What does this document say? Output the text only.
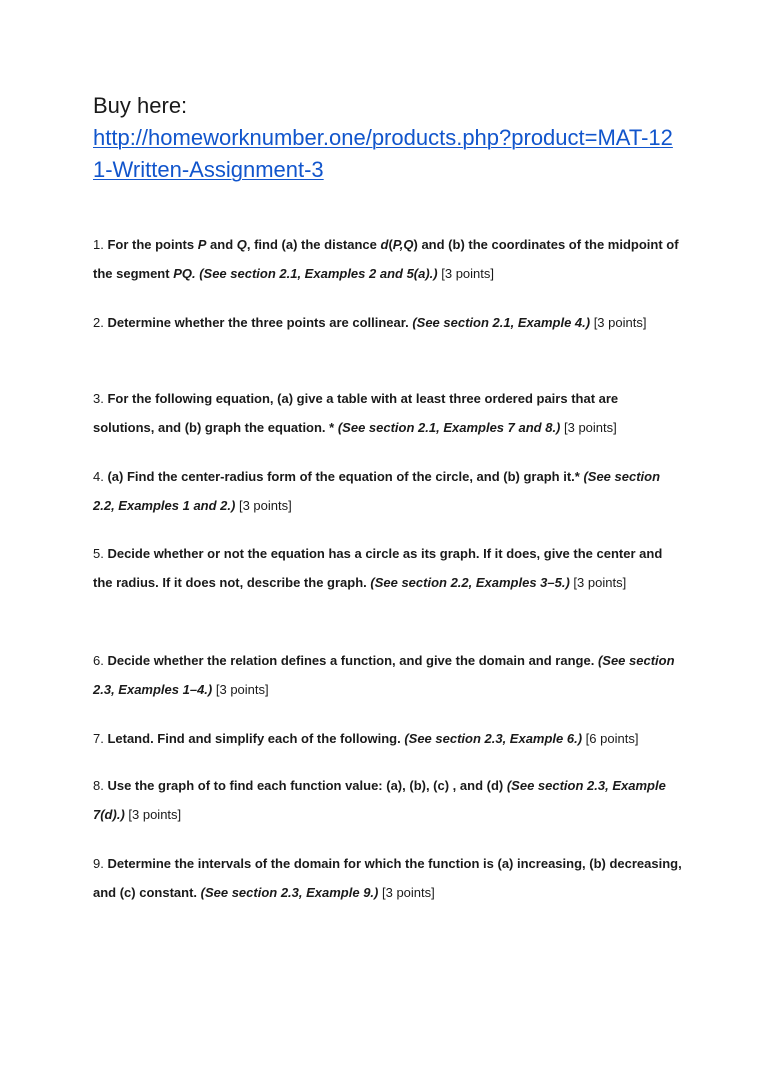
Buy here:
http://homeworknumber.one/products.php?product=MAT-121-Written-Assignment-3
1. For the points P and Q, find (a) the distance d(P,Q) and (b) the coordinates of the midpoint of the segment PQ. (See section 2.1, Examples 2 and 5(a).) [3 points]
2. Determine whether the three points are collinear. (See section 2.1, Example 4.) [3 points]
3. For the following equation, (a) give a table with at least three ordered pairs that are solutions, and (b) graph the equation. * (See section 2.1, Examples 7 and 8.) [3 points]
4. (a) Find the center-radius form of the equation of the circle, and (b) graph it.* (See section 2.2, Examples 1 and 2.) [3 points]
5. Decide whether or not the equation has a circle as its graph. If it does, give the center and the radius. If it does not, describe the graph. (See section 2.2, Examples 3–5.) [3 points]
6. Decide whether the relation defines a function, and give the domain and range. (See section 2.3, Examples 1–4.) [3 points]
7. Letand. Find and simplify each of the following. (See section 2.3, Example 6.) [6 points]
8. Use the graph of to find each function value: (a), (b), (c) , and (d) (See section 2.3, Example 7(d).) [3 points]
9. Determine the intervals of the domain for which the function is (a) increasing, (b) decreasing, and (c) constant. (See section 2.3, Example 9.) [3 points]
